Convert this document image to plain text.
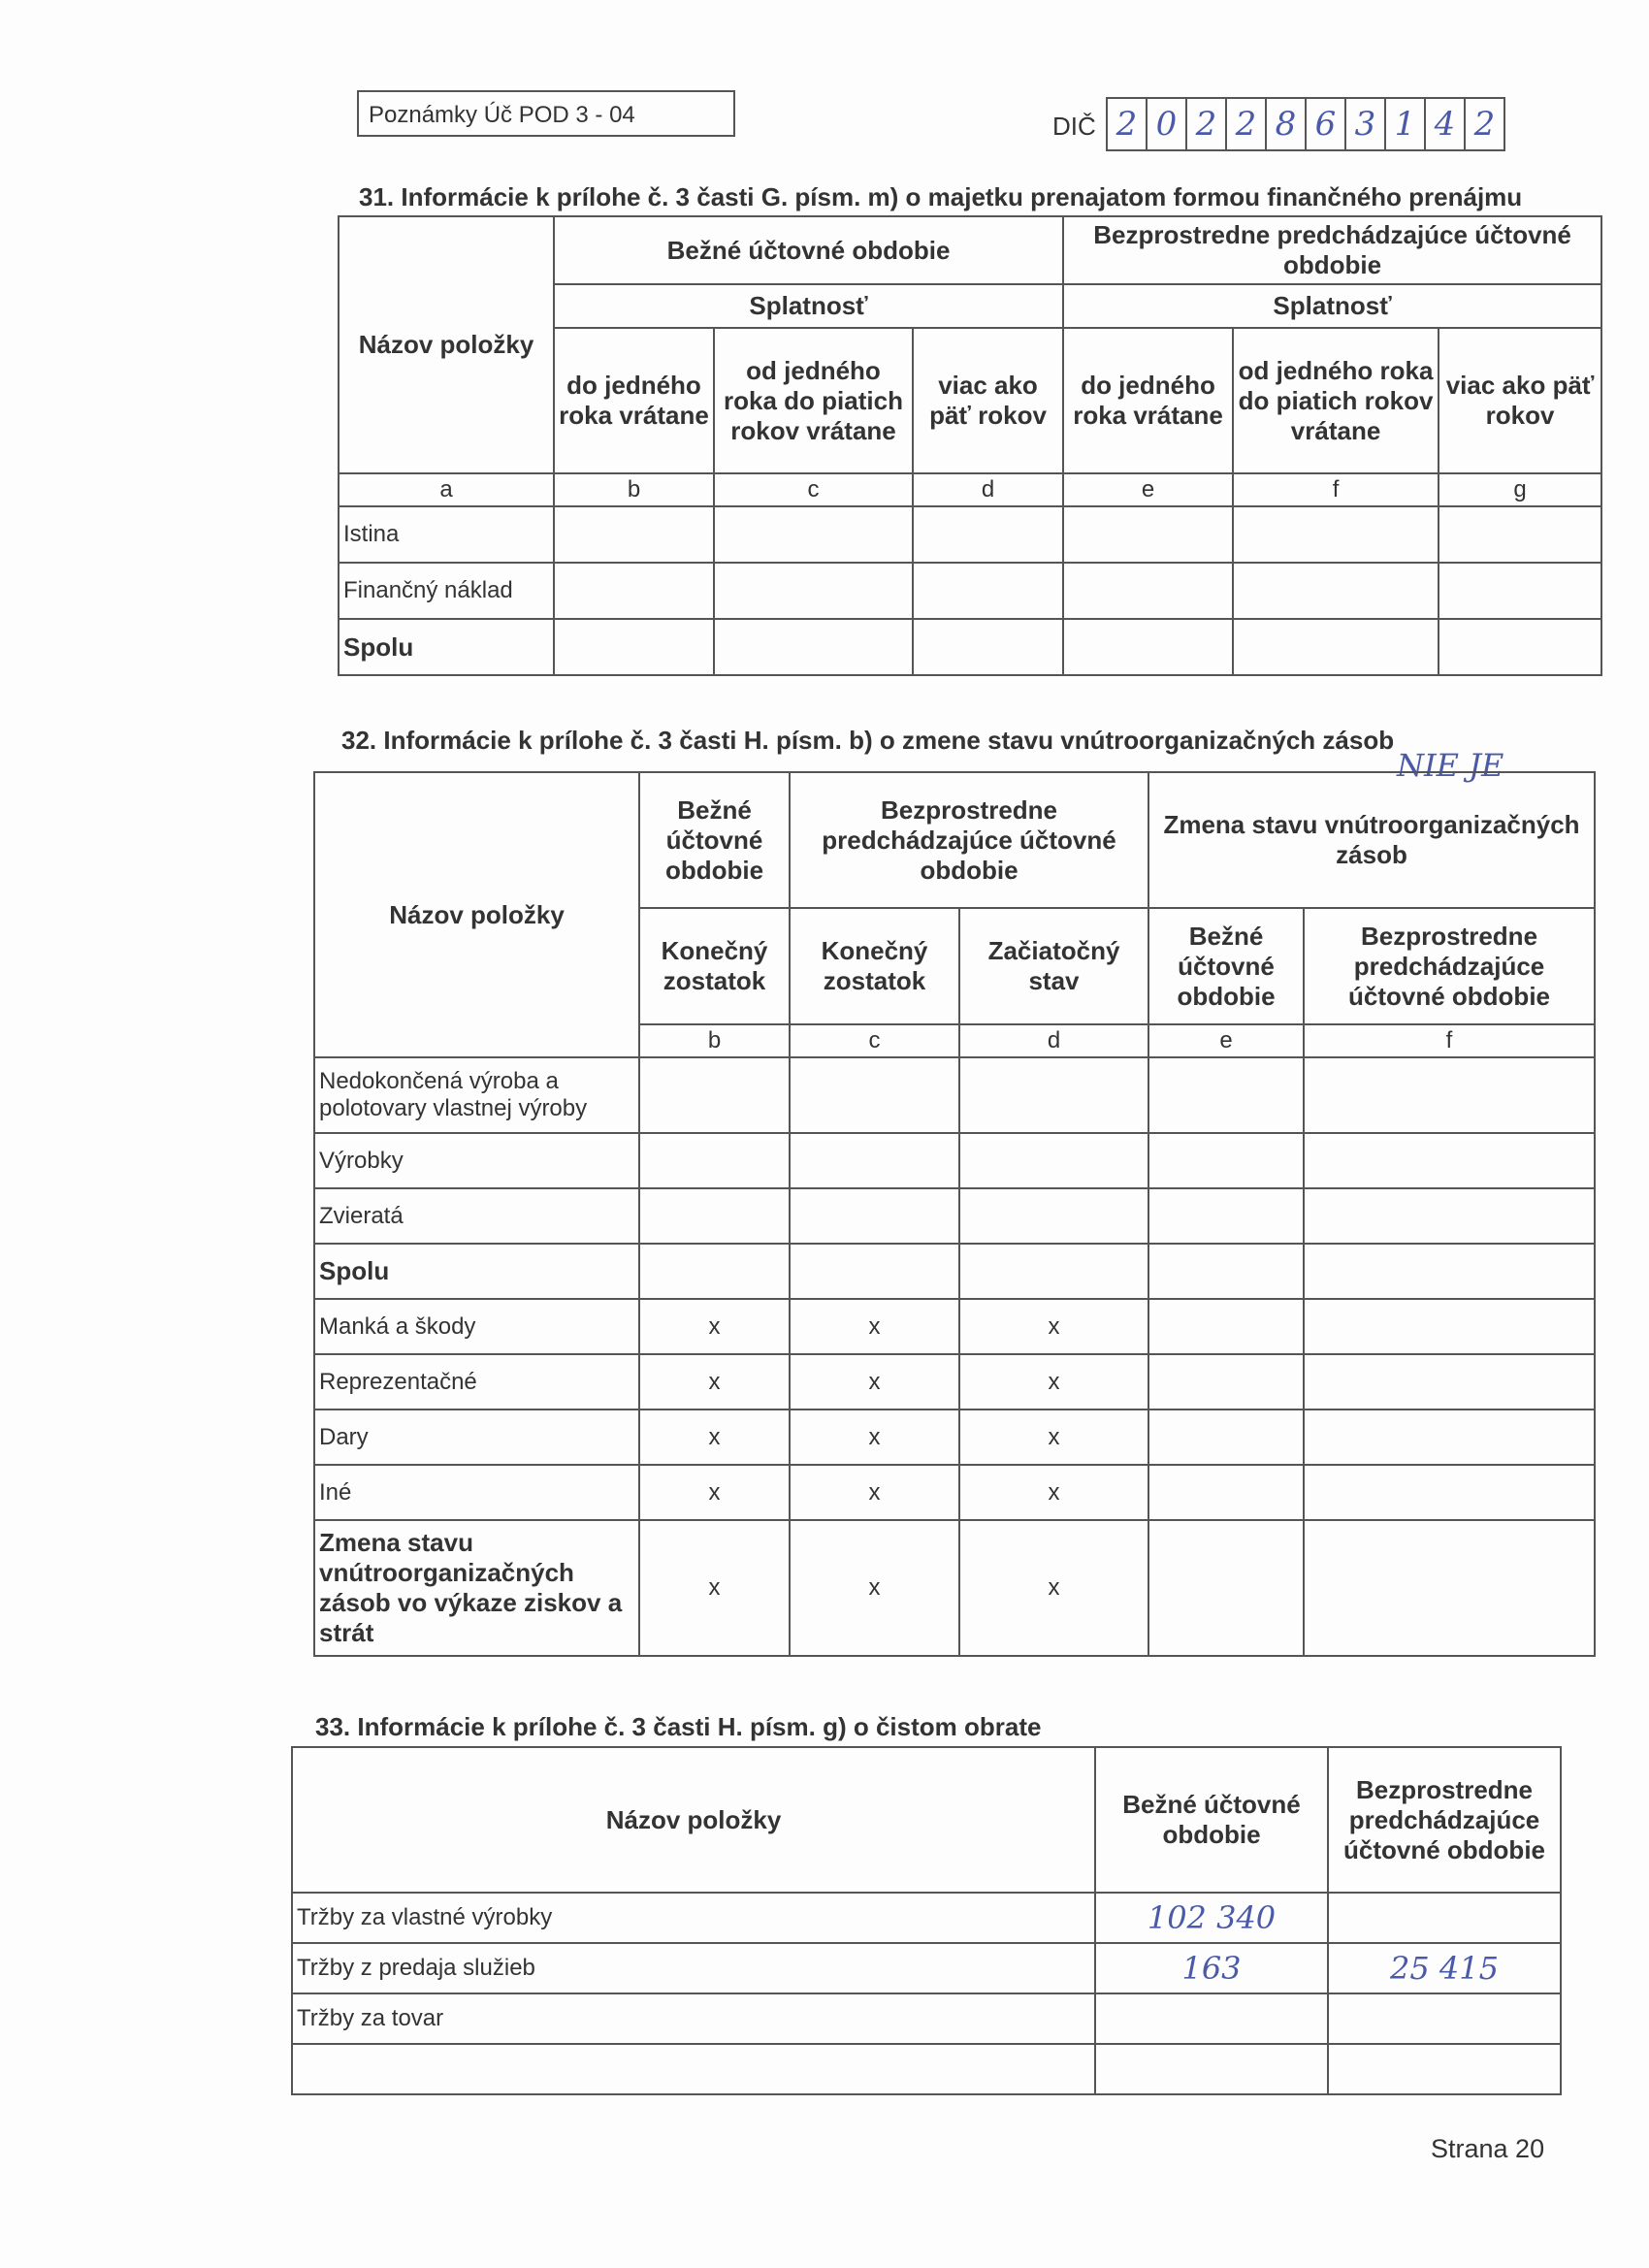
Poznámky Úč POD 3 - 04	DIČ 2 0 2 2 8 6 3 1 4 2
31. Informácie k prílohe č. 3 časti G. písm. m) o majetku prenajatom formou finančného prenájmu
Názov položky	Bežné účtovné obdobie			Bezprostredne predchádzajúce účtovné obdobie		
	Splatnosť			Splatnosť		
	do jedného roka vrátane	od jedného roka do piatich rokov vrátane	viac ako päť rokov	do jedného roka vrátane	od jedného roka do piatich rokov vrátane	viac ako päť rokov
a	b	c	d	e	f	g
Istina						
Finančný náklad						
Spolu						
32. Informácie k prílohe č. 3 časti H. písm. b) o zmene stavu vnútroorganizačných zásob
NIE JE
Názov položky	Bežné účtovné obdobie	Bezprostredne predchádzajúce účtovné obdobie		Zmena stavu vnútroorganizačných zásob	
	Konečný zostatok	Konečný zostatok	Začiatočný stav	Bežné účtovné obdobie	Bezprostredne predchádzajúce účtovné obdobie
	b	c	d	e	f
Nedokončená výroba a polotovary vlastnej výroby					
Výrobky					
Zvieratá					
Spolu					
Manká a škody	x	x	x		
Reprezentačné	x	x	x		
Dary	x	x	x		
Iné	x	x	x		
Zmena stavu vnútroorganizačných zásob vo výkaze ziskov a strát	x	x	x		
33. Informácie k prílohe č. 3 časti H. písm. g) o čistom obrate
Názov položky	Bežné účtovné obdobie	Bezprostredne predchádzajúce účtovné obdobie
Tržby za vlastné výrobky	102 340	
Tržby z predaja služieb	163	25 415
Tržby za tovar		

Strana 20
